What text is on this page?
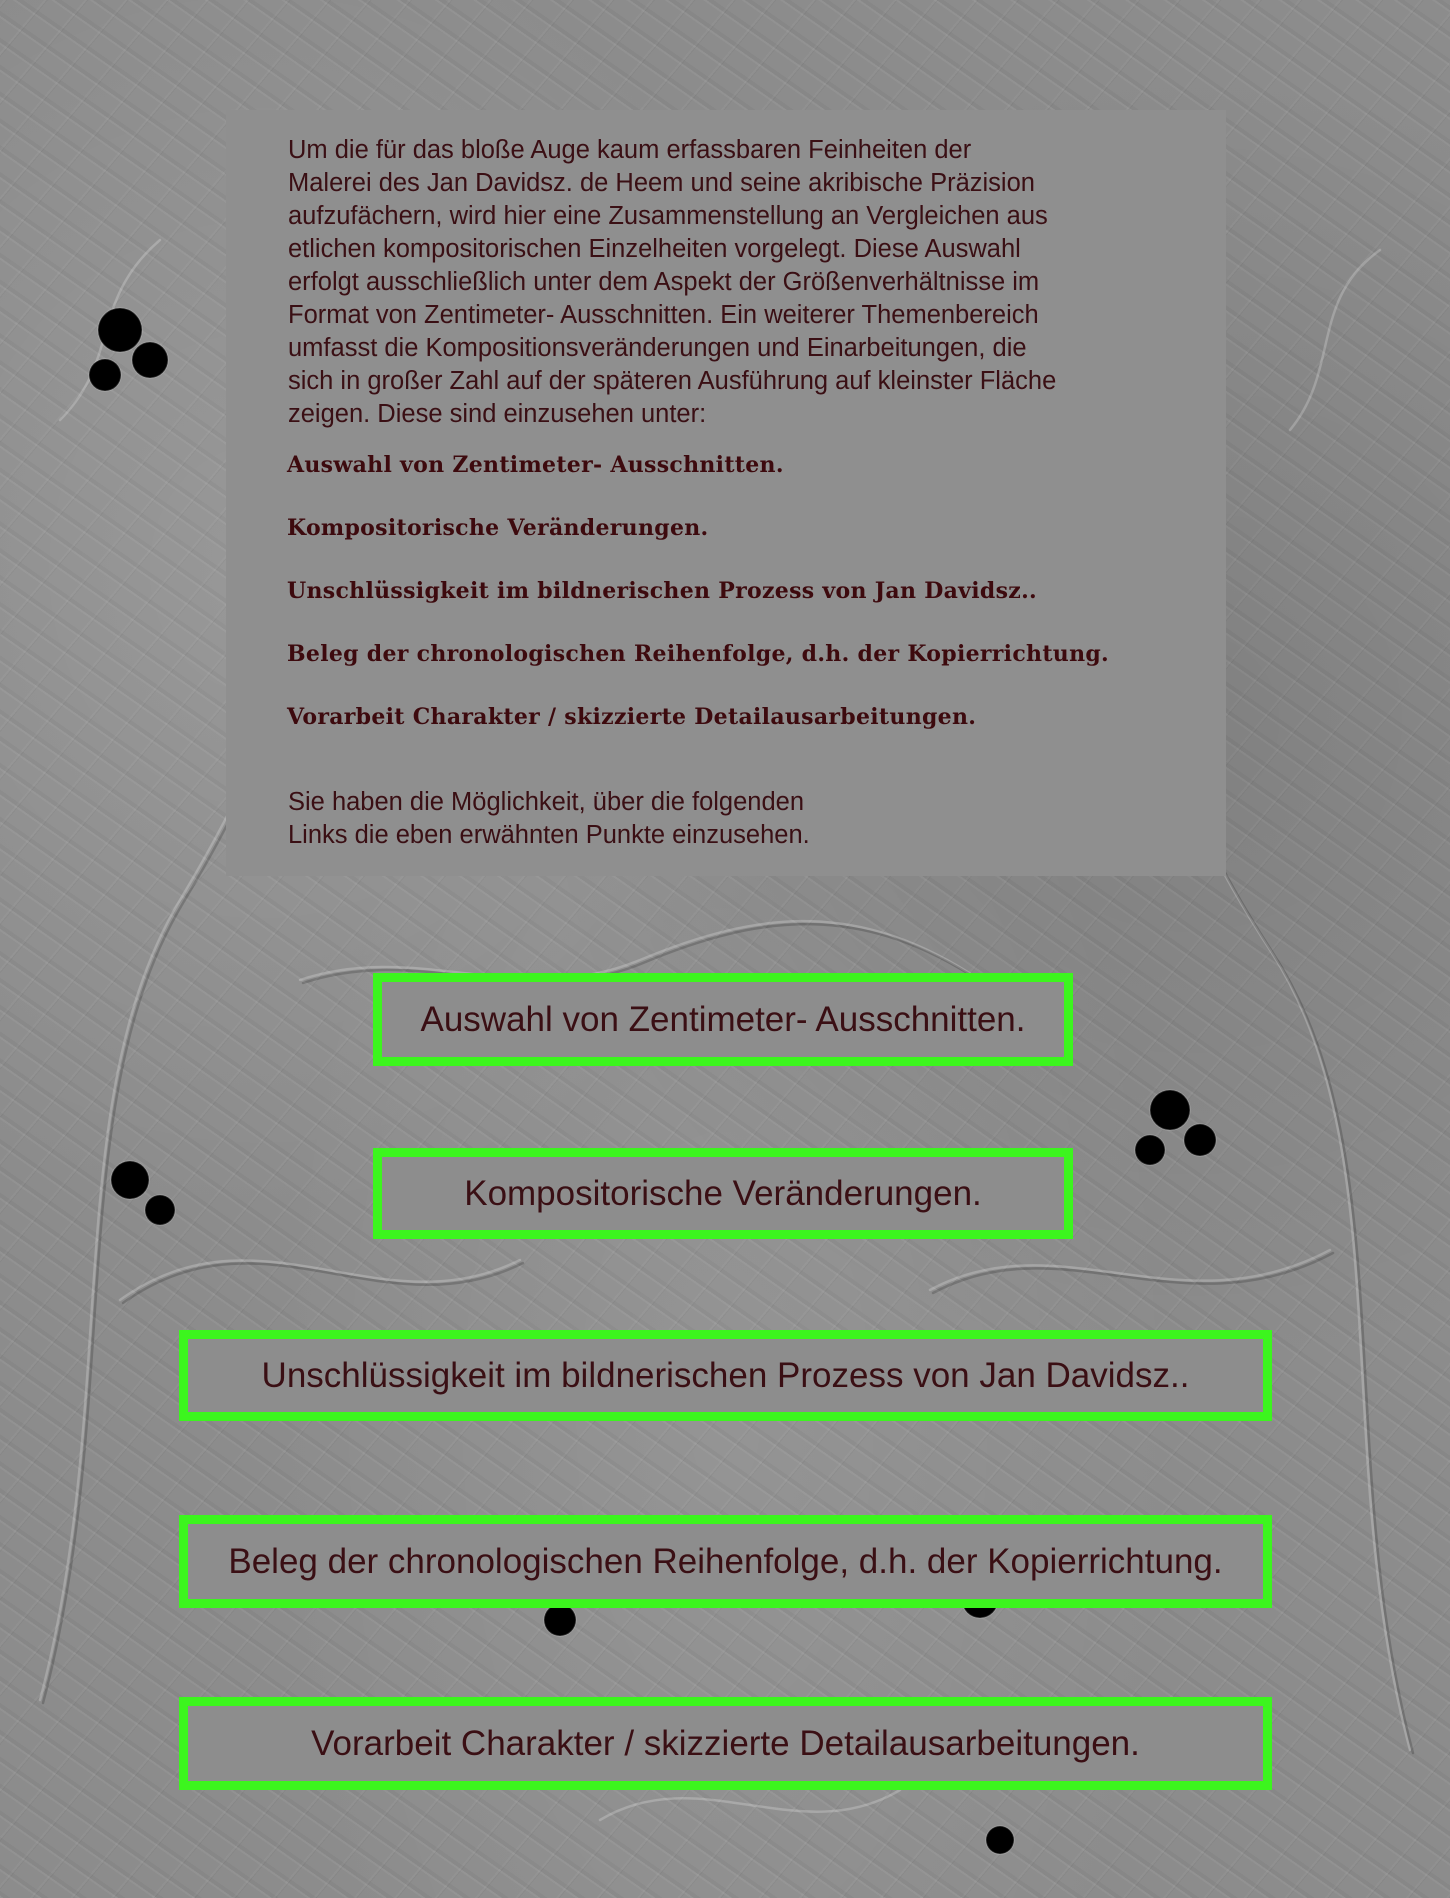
Um die für das bloße Auge kaum erfassbaren Feinheiten der
Malerei des Jan Davidsz. de Heem und seine akribische Präzision
aufzufächern, wird hier eine Zusammenstellung an Vergleichen aus
etlichen kompositorischen Einzelheiten vorgelegt. Diese Auswahl
erfolgt ausschließlich unter dem Aspekt der Größenverhältnisse im
Format von Zentimeter- Ausschnitten. Ein weiterer Themenbereich
umfasst die Kompositionsveränderungen und Einarbeitungen, die
sich in großer Zahl auf der späteren Ausführung auf kleinster Fläche
zeigen. Diese sind einzusehen unter:

Auswahl von Zentimeter- Ausschnitten.

Kompositorische Veränderungen.

Unschlüssigkeit im bildnerischen Prozess von Jan Davidsz..

Beleg der chronologischen Reihenfolge, d.h. der Kopierrichtung.

Vorarbeit Charakter / skizzierte Detailausarbeitungen.

Sie haben die Möglichkeit, über die folgenden
Links die eben erwähnten Punkte einzusehen.

Auswahl von Zentimeter- Ausschnitten.
Kompositorische Veränderungen.
Unschlüssigkeit im bildnerischen Prozess von Jan Davidsz..
Beleg der chronologischen Reihenfolge, d.h. der Kopierrichtung.
Vorarbeit Charakter / skizzierte Detailausarbeitungen.
